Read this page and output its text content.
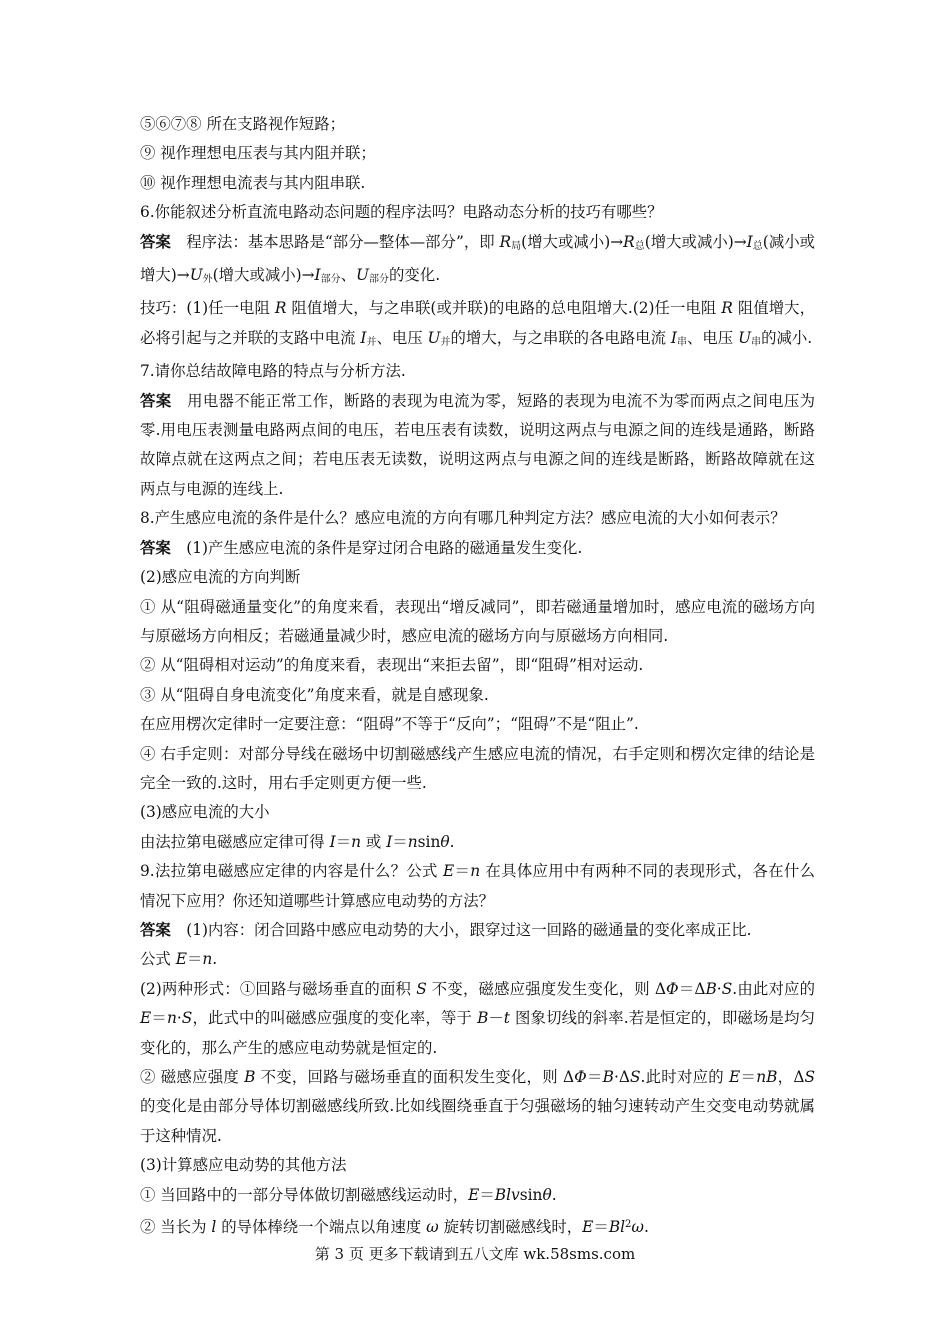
⑤⑥⑦⑧ 所在支路视作短路；

⑨ 视作理想电压表与其内阻并联；

⑩ 视作理想电流表与其内阻串联.

6.你能叙述分析直流电路动态问题的程序法吗？电路动态分析的技巧有哪些？

答案　程序法：基本思路是“部分—整体—部分”，即 $R_局$(增大或减小)$\to R_总$(增大或减小)$\to I_总$(减小或增大)$\to U_外$(增大或减小)$\to I_{部分}$、$U_{部分}$的变化.

技巧：(1)任一电阻 R 阻值增大，与之串联(或并联)的电路的总电阻增大.(2)任一电阻 R 阻值增大，必将引起与之并联的支路中电流 $I_并$、电压 $U_并$的增大，与之串联的各电路电流 $I_串$、电压 $U_串$的减小.

7.请你总结故障电路的特点与分析方法.

答案　用电器不能正常工作，断路的表现为电流为零，短路的表现为电流不为零而两点之间电压为零.用电压表测量电路两点间的电压，若电压表有读数，说明这两点与电源之间的连线是通路，断路故障点就在这两点之间；若电压表无读数，说明这两点与电源之间的连线是断路，断路故障就在这两点与电源的连线上.

8.产生感应电流的条件是什么？感应电流的方向有哪几种判定方法？感应电流的大小如何表示？

答案　(1)产生感应电流的条件是穿过闭合电路的磁通量发生变化.

(2)感应电流的方向判断

① 从“阻碍磁通量变化”的角度来看，表现出“增反减同”，即若磁通量增加时，感应电流的磁场方向与原磁场方向相反；若磁通量减少时，感应电流的磁场方向与原磁场方向相同.

② 从“阻碍相对运动”的角度来看，表现出“来拒去留”，即“阻碍”相对运动.

③ 从“阻碍自身电流变化”角度来看，就是自感现象.

在应用楞次定律时一定要注意：“阻碍”不等于“反向”；“阻碍”不是“阻止”.

④ 右手定则：对部分导线在磁场中切割磁感线产生感应电流的情况，右手定则和楞次定律的结论是完全一致的.这时，用右手定则更方便一些.

(3)感应电流的大小

由法拉第电磁感应定律可得 I＝n 或 I＝nsinθ.

9.法拉第电磁感应定律的内容是什么？公式 E＝n 在具体应用中有两种不同的表现形式，各在什么情况下应用？你还知道哪些计算感应电动势的方法？

答案　(1)内容：闭合回路中感应电动势的大小，跟穿过这一回路的磁通量的变化率成正比.

公式 E＝n.

(2)两种形式：①回路与磁场垂直的面积 S 不变，磁感应强度发生变化，则 ΔΦ＝ΔB·S.由此对应的 E＝n·S，此式中的叫磁感应强度的变化率，等于 B－t 图象切线的斜率.若是恒定的，即磁场是均匀变化的，那么产生的感应电动势就是恒定的.

② 磁感应强度 B 不变，回路与磁场垂直的面积发生变化，则 ΔΦ＝B·ΔS.此时对应的 E＝nB，ΔS 的变化是由部分导体切割磁感线所致.比如线圈绕垂直于匀强磁场的轴匀速转动产生交变电动势就属于这种情况.

(3)计算感应电动势的其他方法

① 当回路中的一部分导体做切割磁感线运动时，E＝Blvsinθ.

② 当长为 l 的导体棒绕一个端点以角速度 ω 旋转切割磁感线时，$E=Bl^2\omega$.

第 3 页 更多下载请到五八文库 wk.58sms.com
